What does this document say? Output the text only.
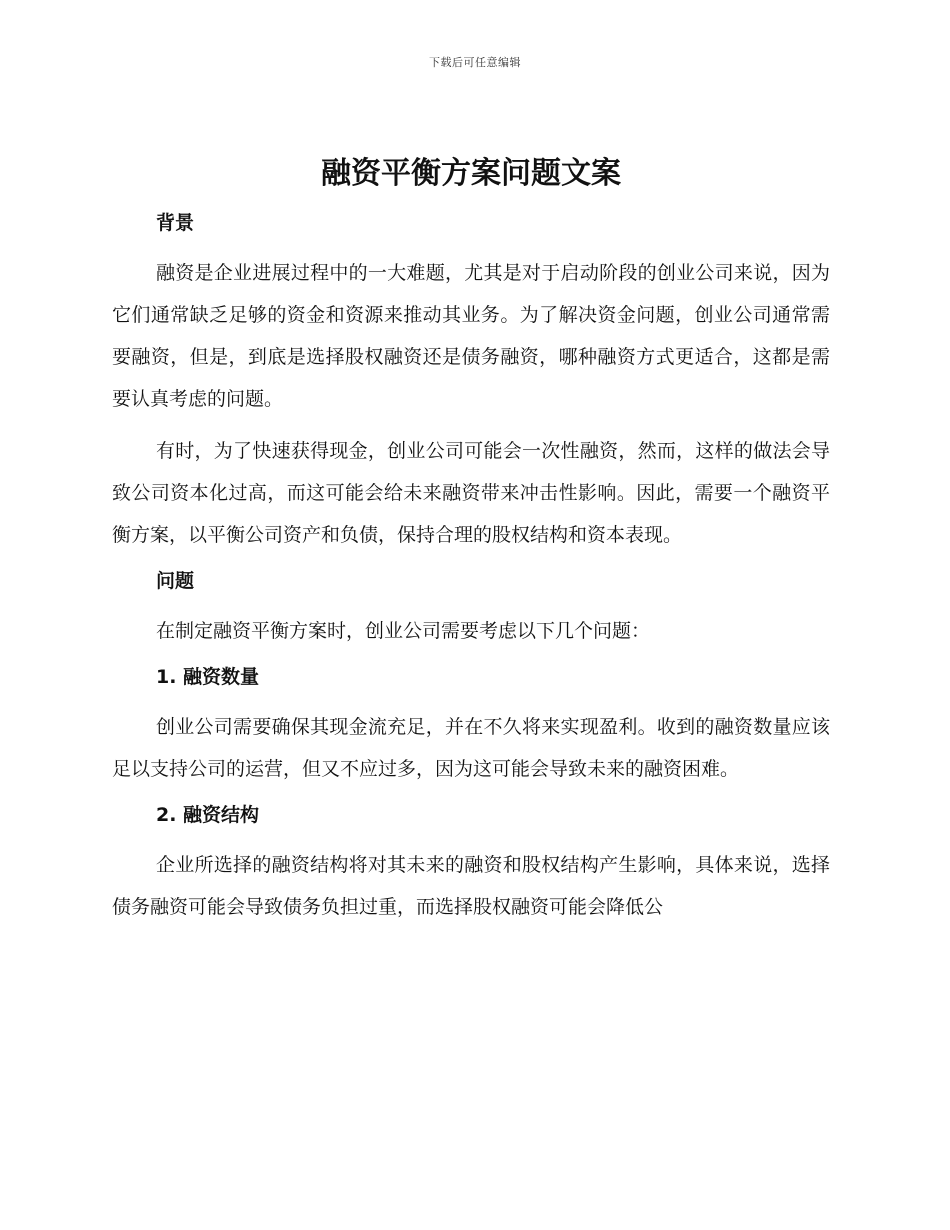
下载后可任意编辑
融资平衡方案问题文案
背景

融资是企业进展过程中的一大难题，尤其是对于启动阶段的创业公司来说，因为它们通常缺乏足够的资金和资源来推动其业务。为了解决资金问题，创业公司通常需要融资，但是，到底是选择股权融资还是债务融资，哪种融资方式更适合，这都是需要认真考虑的问题。

有时，为了快速获得现金，创业公司可能会一次性融资，然而，这样的做法会导致公司资本化过高，而这可能会给未来融资带来冲击性影响。因此，需要一个融资平衡方案，以平衡公司资产和负债，保持合理的股权结构和资本表现。

问题

在制定融资平衡方案时，创业公司需要考虑以下几个问题：

1. 融资数量

创业公司需要确保其现金流充足，并在不久将来实现盈利。收到的融资数量应该足以支持公司的运营，但又不应过多，因为这可能会导致未来的融资困难。

2. 融资结构

企业所选择的融资结构将对其未来的融资和股权结构产生影响，具体来说，选择债务融资可能会导致债务负担过重，而选择股权融资可能会降低公
